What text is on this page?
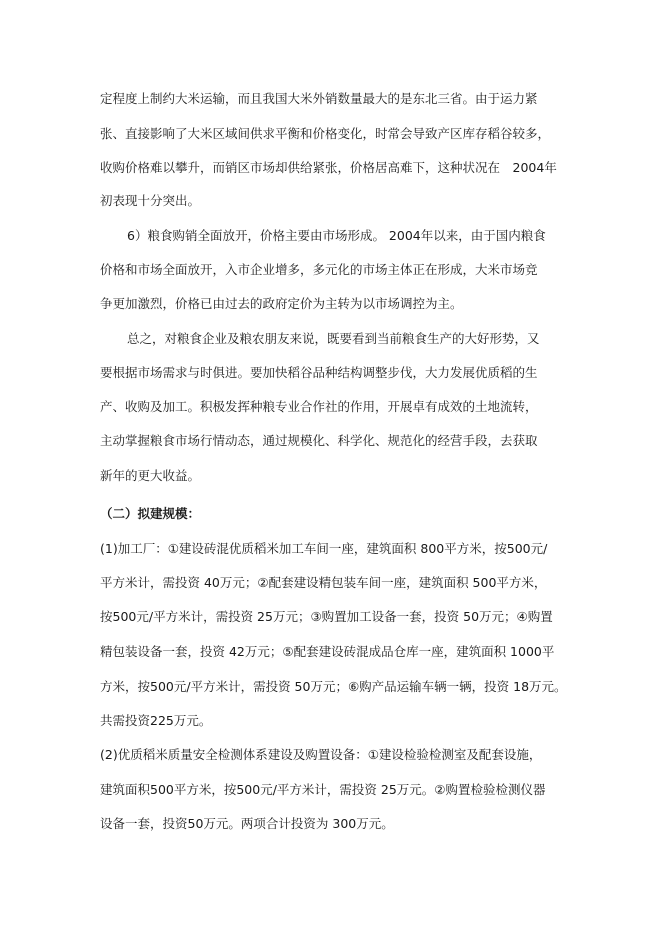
定程度上制约大米运输，而且我国大米外销数量最大的是东北三省。由于运力紧
张、直接影响了大米区域间供求平衡和价格变化，时常会导致产区库存稻谷较多，
收购价格难以攀升，而销区市场却供给紧张，价格居高难下，这种状况在　2004年
初表现十分突出。
6）粮食购销全面放开，价格主要由市场形成。 2004年以来，由于国内粮食
价格和市场全面放开，入市企业增多，多元化的市场主体正在形成，大米市场竞
争更加激烈，价格已由过去的政府定价为主转为以市场调控为主。
总之，对粮食企业及粮农朋友来说，既要看到当前粮食生产的大好形势，又
要根据市场需求与时俱进。要加快稻谷品种结构调整步伐，大力发展优质稻的生
产、收购及加工。积极发挥种粮专业合作社的作用，开展卓有成效的土地流转，
主动掌握粮食市场行情动态，通过规模化、科学化、规范化的经营手段，去获取
新年的更大收益。
（二）拟建规模：
(1)加工厂：①建设砖混优质稻米加工车间一座，建筑面积 800平方米，按500元/
平方米计，需投资 40万元；②配套建设精包装车间一座，建筑面积 500平方米，
按500元/平方米计，需投资 25万元；③购置加工设备一套，投资 50万元；④购置
精包装设备一套，投资 42万元；⑤配套建设砖混成品仓库一座，建筑面积 1000平
方米，按500元/平方米计，需投资 50万元；⑥购产品运输车辆一辆，投资 18万元。
共需投资225万元。
(2)优质稻米质量安全检测体系建设及购置设备：①建设检验检测室及配套设施，
建筑面积500平方米，按500元/平方米计，需投资 25万元。②购置检验检测仪器
设备一套，投资50万元。两项合计投资为 300万元。
